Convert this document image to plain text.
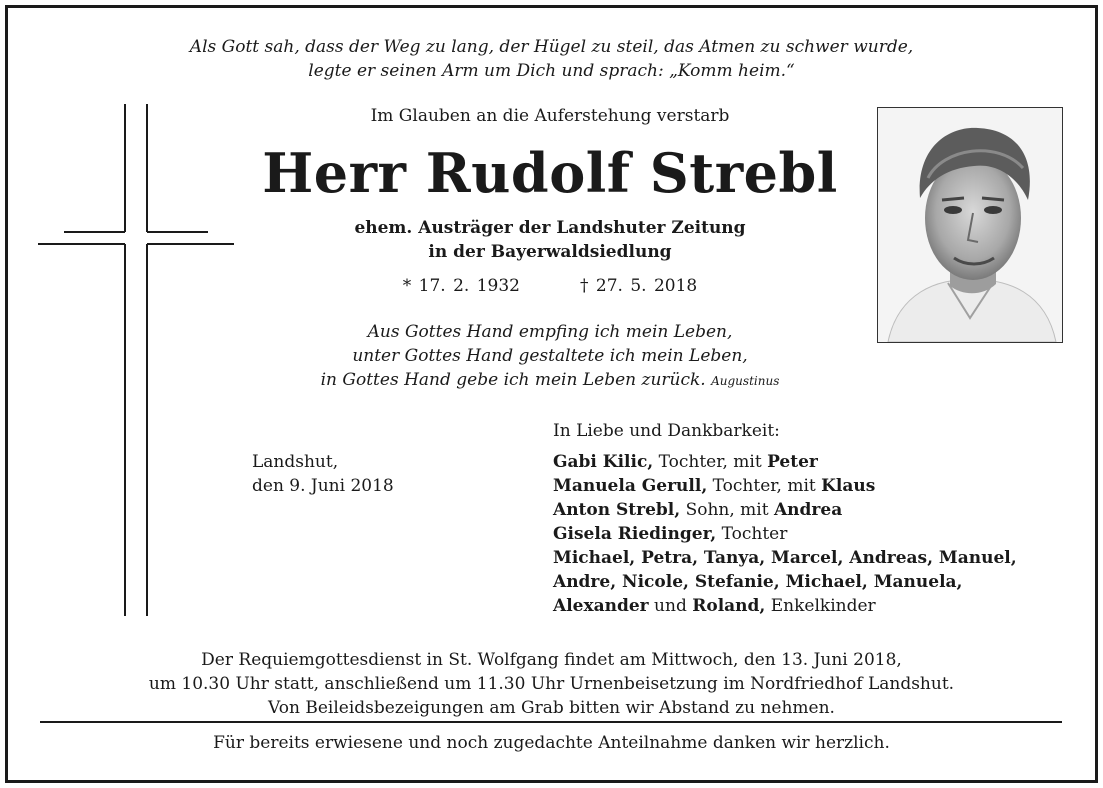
Als Gott sah, dass der Weg zu lang, der Hügel zu steil, das Atmen zu schwer wurde,
legte er seinen Arm um Dich und sprach: „Komm heim.“
Im Glauben an die Auferstehung verstarb
Herr Rudolf Strebl
ehem. Austräger der Landshuter Zeitung
in der Bayerwaldsiedlung
* 17. 2. 1932	† 27. 5. 2018
Aus Gottes Hand empfing ich mein Leben,
unter Gottes Hand gestaltete ich mein Leben,
in Gottes Hand gebe ich mein Leben zurück. Augustinus
In Liebe und Dankbarkeit:
Landshut,
den 9. Juni 2018
Gabi Kilic, Tochter, mit Peter
Manuela Gerull, Tochter, mit Klaus
Anton Strebl, Sohn, mit Andrea
Gisela Riedinger, Tochter
Michael, Petra, Tanya, Marcel, Andreas, Manuel,
Andre, Nicole, Stefanie, Michael, Manuela,
Alexander und Roland, Enkelkinder
Der Requiemgottesdienst in St. Wolfgang findet am Mittwoch, den 13. Juni 2018,
um 10.30 Uhr statt, anschließend um 11.30 Uhr Urnenbeisetzung im Nordfriedhof Landshut.
Von Beileidsbezeigungen am Grab bitten wir Abstand zu nehmen.
Für bereits erwiesene und noch zugedachte Anteilnahme danken wir herzlich.
